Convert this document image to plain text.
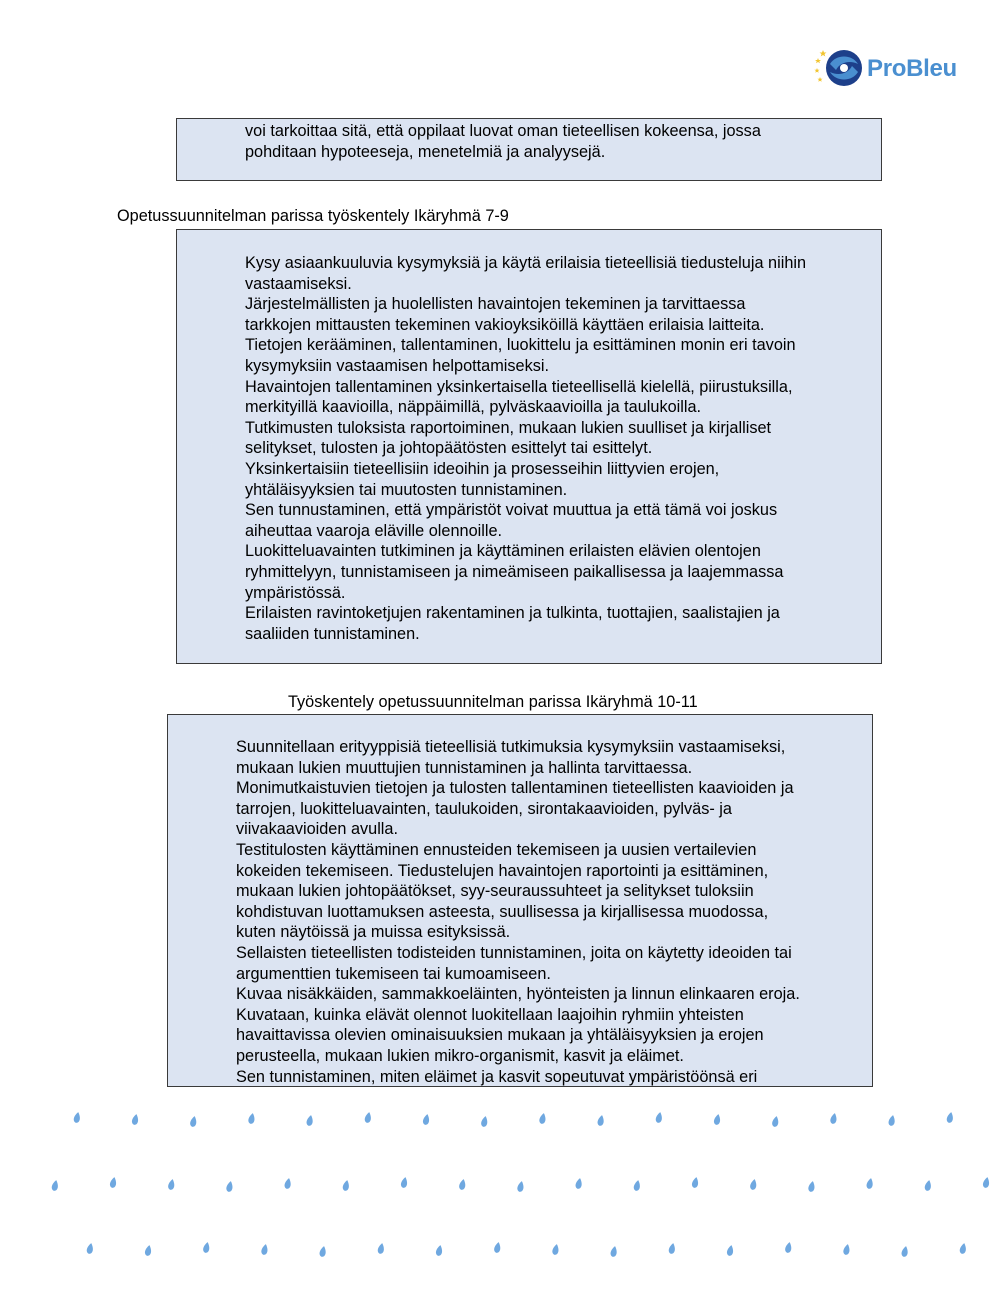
ProBleu

voi tarkoittaa sitä, että oppilaat luovat oman tieteellisen kokeensa, jossa

pohditaan hypoteeseja, menetelmiä ja analyysejä.

Opetussuunnitelman parissa työskentely Ikäryhmä 7-9

Kysy asiaankuuluvia kysymyksiä ja käytä erilaisia tieteellisiä tiedusteluja niihin

vastaamiseksi.

Järjestelmällisten ja huolellisten havaintojen tekeminen ja tarvittaessa

tarkkojen mittausten tekeminen vakioyksiköillä käyttäen erilaisia laitteita.

Tietojen kerääminen, tallentaminen, luokittelu ja esittäminen monin eri tavoin

kysymyksiin vastaamisen helpottamiseksi.

Havaintojen tallentaminen yksinkertaisella tieteellisellä kielellä, piirustuksilla,

merkityillä kaavioilla, näppäimillä, pylväskaavioilla ja taulukoilla.

Tutkimusten tuloksista raportoiminen, mukaan lukien suulliset ja kirjalliset

selitykset, tulosten ja johtopäätösten esittelyt tai esittelyt.

Yksinkertaisiin tieteellisiin ideoihin ja prosesseihin liittyvien erojen,

yhtäläisyyksien tai muutosten tunnistaminen.

Sen tunnustaminen, että ympäristöt voivat muuttua ja että tämä voi joskus

aiheuttaa vaaroja eläville olennoille.

Luokitteluavainten tutkiminen ja käyttäminen erilaisten elävien olentojen

ryhmittelyyn, tunnistamiseen ja nimeämiseen paikallisessa ja laajemmassa

ympäristössä.

Erilaisten ravintoketjujen rakentaminen ja tulkinta, tuottajien, saalistajien ja

saaliiden tunnistaminen.

Työskentely opetussuunnitelman parissa Ikäryhmä 10-11

Suunnitellaan erityyppisiä tieteellisiä tutkimuksia kysymyksiin vastaamiseksi,

mukaan lukien muuttujien tunnistaminen ja hallinta tarvittaessa.

Monimutkaistuvien tietojen ja tulosten tallentaminen tieteellisten kaavioiden ja

tarrojen, luokitteluavainten, taulukoiden, sirontakaavioiden, pylväs- ja

viivakaavioiden avulla.

Testitulosten käyttäminen ennusteiden tekemiseen ja uusien vertailevien

kokeiden tekemiseen. Tiedustelujen havaintojen raportointi ja esittäminen,

mukaan lukien johtopäätökset, syy-seuraussuhteet ja selitykset tuloksiin

kohdistuvan luottamuksen asteesta, suullisessa ja kirjallisessa muodossa,

kuten näytöissä ja muissa esityksissä.

Sellaisten tieteellisten todisteiden tunnistaminen, joita on käytetty ideoiden tai

argumenttien tukemiseen tai kumoamiseen.

Kuvaa nisäkkäiden, sammakkoeläinten, hyönteisten ja linnun elinkaaren eroja.

Kuvataan, kuinka elävät olennot luokitellaan laajoihin ryhmiin yhteisten

havaittavissa olevien ominaisuuksien mukaan ja yhtäläisyyksien ja erojen

perusteella, mukaan lukien mikro-organismit, kasvit ja eläimet.

Sen tunnistaminen, miten eläimet ja kasvit sopeutuvat ympäristöönsä eri
